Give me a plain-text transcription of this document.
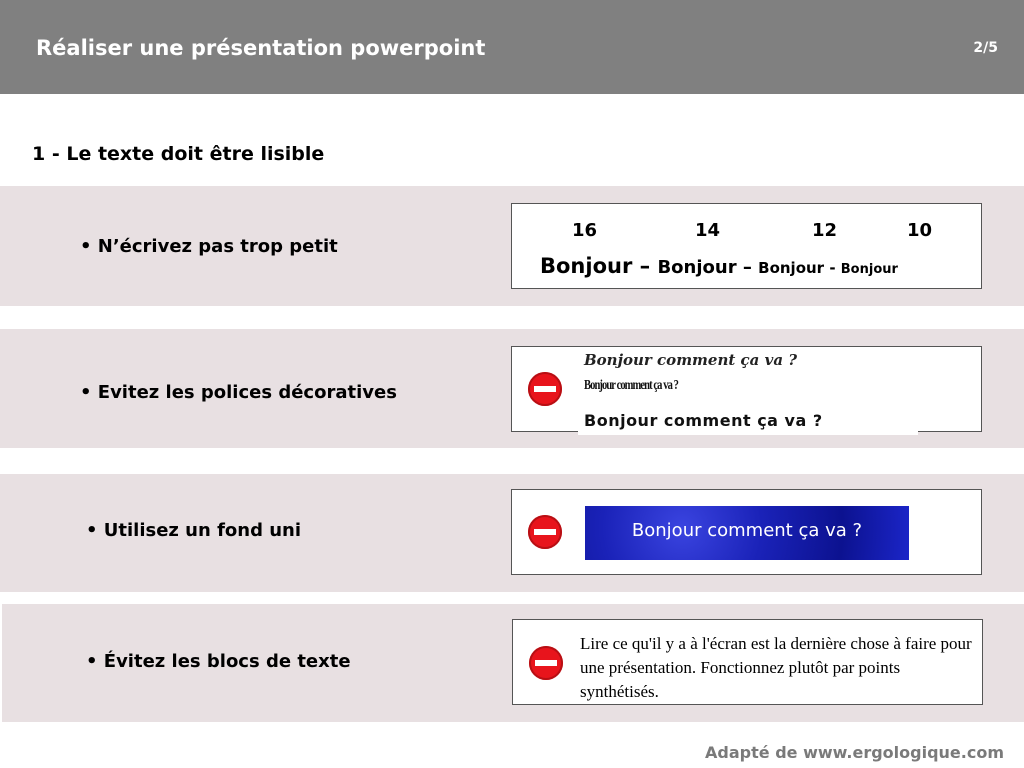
Réaliser une présentation powerpoint	2/5
1 - Le texte doit être lisible
• N’écrivez pas trop petit
16	14	12	10
Bonjour – Bonjour – Bonjour - Bonjour
• Evitez les polices décoratives
Bonjour comment ça va ?
Bonjour comment ça va ?
Bonjour comment ça va ?
• Utilisez un fond uni	Bonjour comment ça va ?
• Évitez les blocs de texte
Lire ce qu'il y a à l'écran est la dernière chose à faire pour une présentation. Fonctionnez plutôt par points synthétisés.
Adapté de www.ergologique.com
